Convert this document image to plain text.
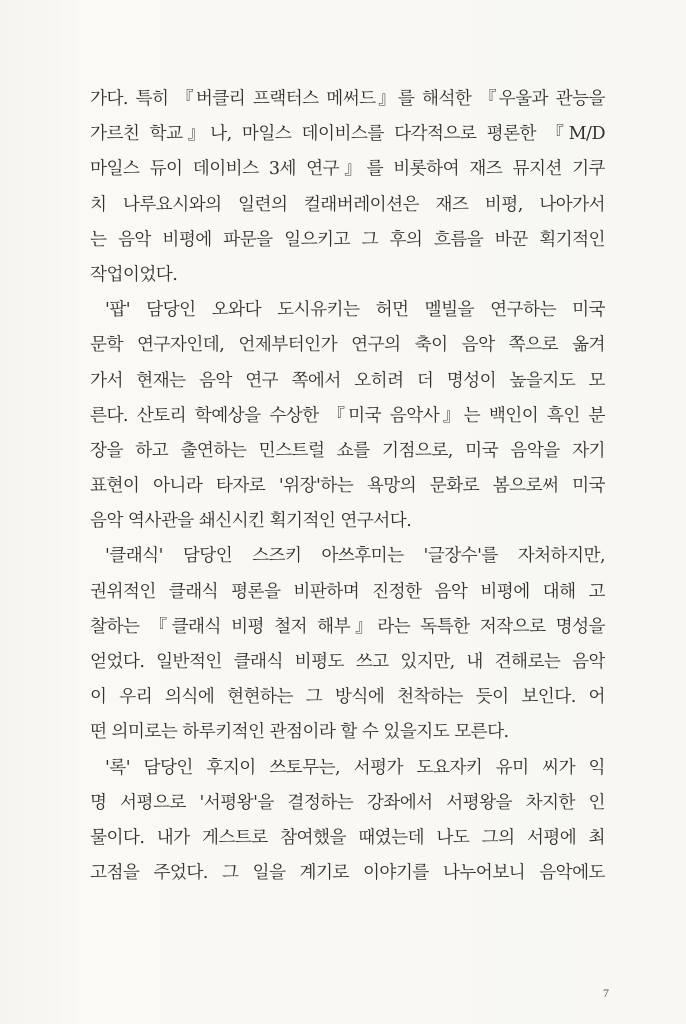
가다. 특히 『버클리 프랙터스 메써드』를 해석한 『우울과 관능을
가르친 학교』나, 마일스 데이비스를 다각적으로 평론한 『M/D
마일스 듀이 데이비스 3세 연구』를 비롯하여 재즈 뮤지션 기쿠
치 나루요시와의 일련의 컬래버레이션은 재즈 비평, 나아가서
는 음악 비평에 파문을 일으키고 그 후의 흐름을 바꾼 획기적인
작업이었다.
'팝' 담당인 오와다 도시유키는 허먼 멜빌을 연구하는 미국
문학 연구자인데, 언제부터인가 연구의 축이 음악 쪽으로 옮겨
가서 현재는 음악 연구 쪽에서 오히려 더 명성이 높을지도 모
른다. 산토리 학예상을 수상한 『미국 음악사』는 백인이 흑인 분
장을 하고 출연하는 민스트럴 쇼를 기점으로, 미국 음악을 자기
표현이 아니라 타자로 '위장'하는 욕망의 문화로 봄으로써 미국
음악 역사관을 쇄신시킨 획기적인 연구서다.
'클래식' 담당인 스즈키 아쓰후미는 '글장수'를 자처하지만,
권위적인 클래식 평론을 비판하며 진정한 음악 비평에 대해 고
찰하는 『클래식 비평 철저 해부』라는 독특한 저작으로 명성을
얻었다. 일반적인 클래식 비평도 쓰고 있지만, 내 견해로는 음악
이 우리 의식에 현현하는 그 방식에 천착하는 듯이 보인다. 어
떤 의미로는 하루키적인 관점이라 할 수 있을지도 모른다.
'록' 담당인 후지이 쓰토무는, 서평가 도요자키 유미 씨가 익
명 서평으로 '서평왕'을 결정하는 강좌에서 서평왕을 차지한 인
물이다. 내가 게스트로 참여했을 때였는데 나도 그의 서평에 최
고점을 주었다. 그 일을 계기로 이야기를 나누어보니 음악에도
7
